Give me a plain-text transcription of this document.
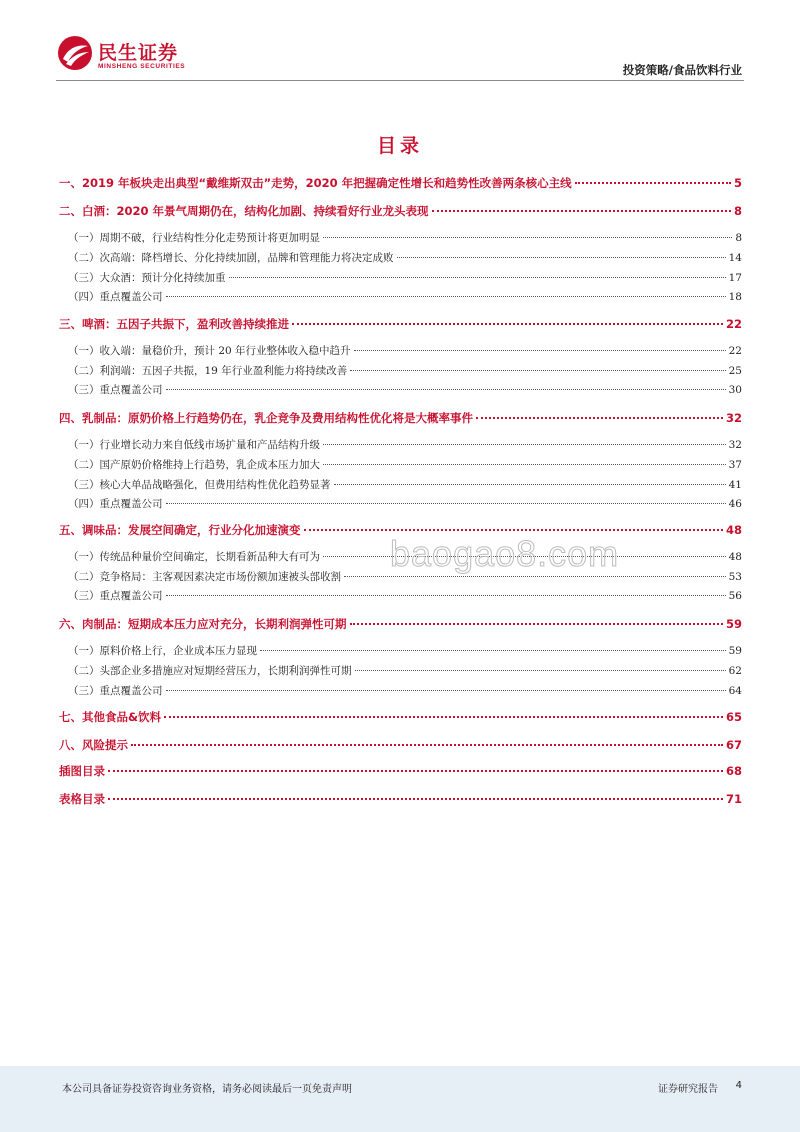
民生证券
MINSHENG SECURITIES	投资策略/食品饮料行业
目录
一、2019 年板块走出典型“戴维斯双击”走势，2020 年把握确定性增长和趋势性改善两条核心主线	5
二、白酒：2020 年景气周期仍在，结构化加剧、持续看好行业龙头表现	8
（一）周期不破，行业结构性分化走势预计将更加明显	8
（二）次高端：降档增长、分化持续加剧，品牌和管理能力将决定成败	14
（三）大众酒：预计分化持续加重	17
（四）重点覆盖公司	18
三、啤酒：五因子共振下，盈利改善持续推进	22
（一）收入端：量稳价升，预计 20 年行业整体收入稳中趋升	22
（二）利润端：五因子共振，19 年行业盈利能力将持续改善	25
（三）重点覆盖公司	30
四、乳制品：原奶价格上行趋势仍在，乳企竞争及费用结构性优化将是大概率事件	32
（一）行业增长动力来自低线市场扩量和产品结构升级	32
（二）国产原奶价格维持上行趋势，乳企成本压力加大	37
（三）核心大单品战略强化，但费用结构性优化趋势显著	41
（四）重点覆盖公司	46
五、调味品：发展空间确定，行业分化加速演变	48
（一）传统品种量价空间确定，长期看新品种大有可为	48
（二）竞争格局：主客观因素决定市场份额加速被头部收割	53
（三）重点覆盖公司	56
六、肉制品：短期成本压力应对充分，长期利润弹性可期	59
（一）原料价格上行，企业成本压力显现	59
（二）头部企业多措施应对短期经营压力，长期利润弹性可期	62
（三）重点覆盖公司	64
七、其他食品&饮料	65
八、风险提示	67
插图目录	68
表格目录	71
baogao8.com
本公司具备证券投资咨询业务资格，请务必阅读最后一页免责声明	证券研究报告 4
